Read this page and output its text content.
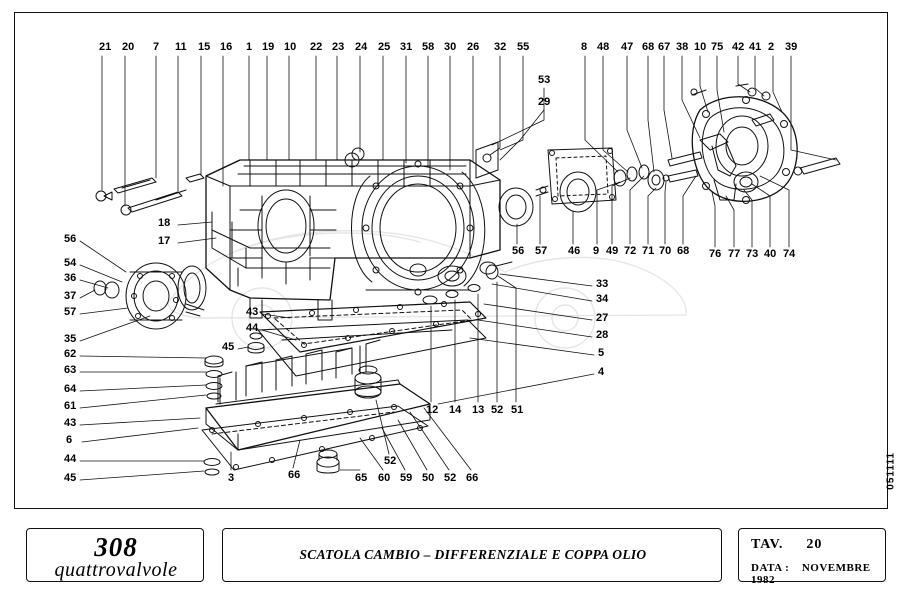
21 20 7 11 15 16 1 19 10 22 23 24 25 31 58 30 26 32 55	8 48 47 68 67 38 10 75 42 41 2 39
53
29
56 57 46 9 49 72 71 70 68 76 77 73 40 74
18
17
56
54
36
37
57
35
62
63
64
61
43
6
44
45
43
44
45
33
34
27
28
5
4
12 14 13 51
52
3	66	65
52
60 59 50 52 66	051111
308
quattrovalvole
SCATOLA CAMBIO – DIFFERENZIALE E COPPA OLIO
TAV. 20
DATA : NOVEMBRE 1982
